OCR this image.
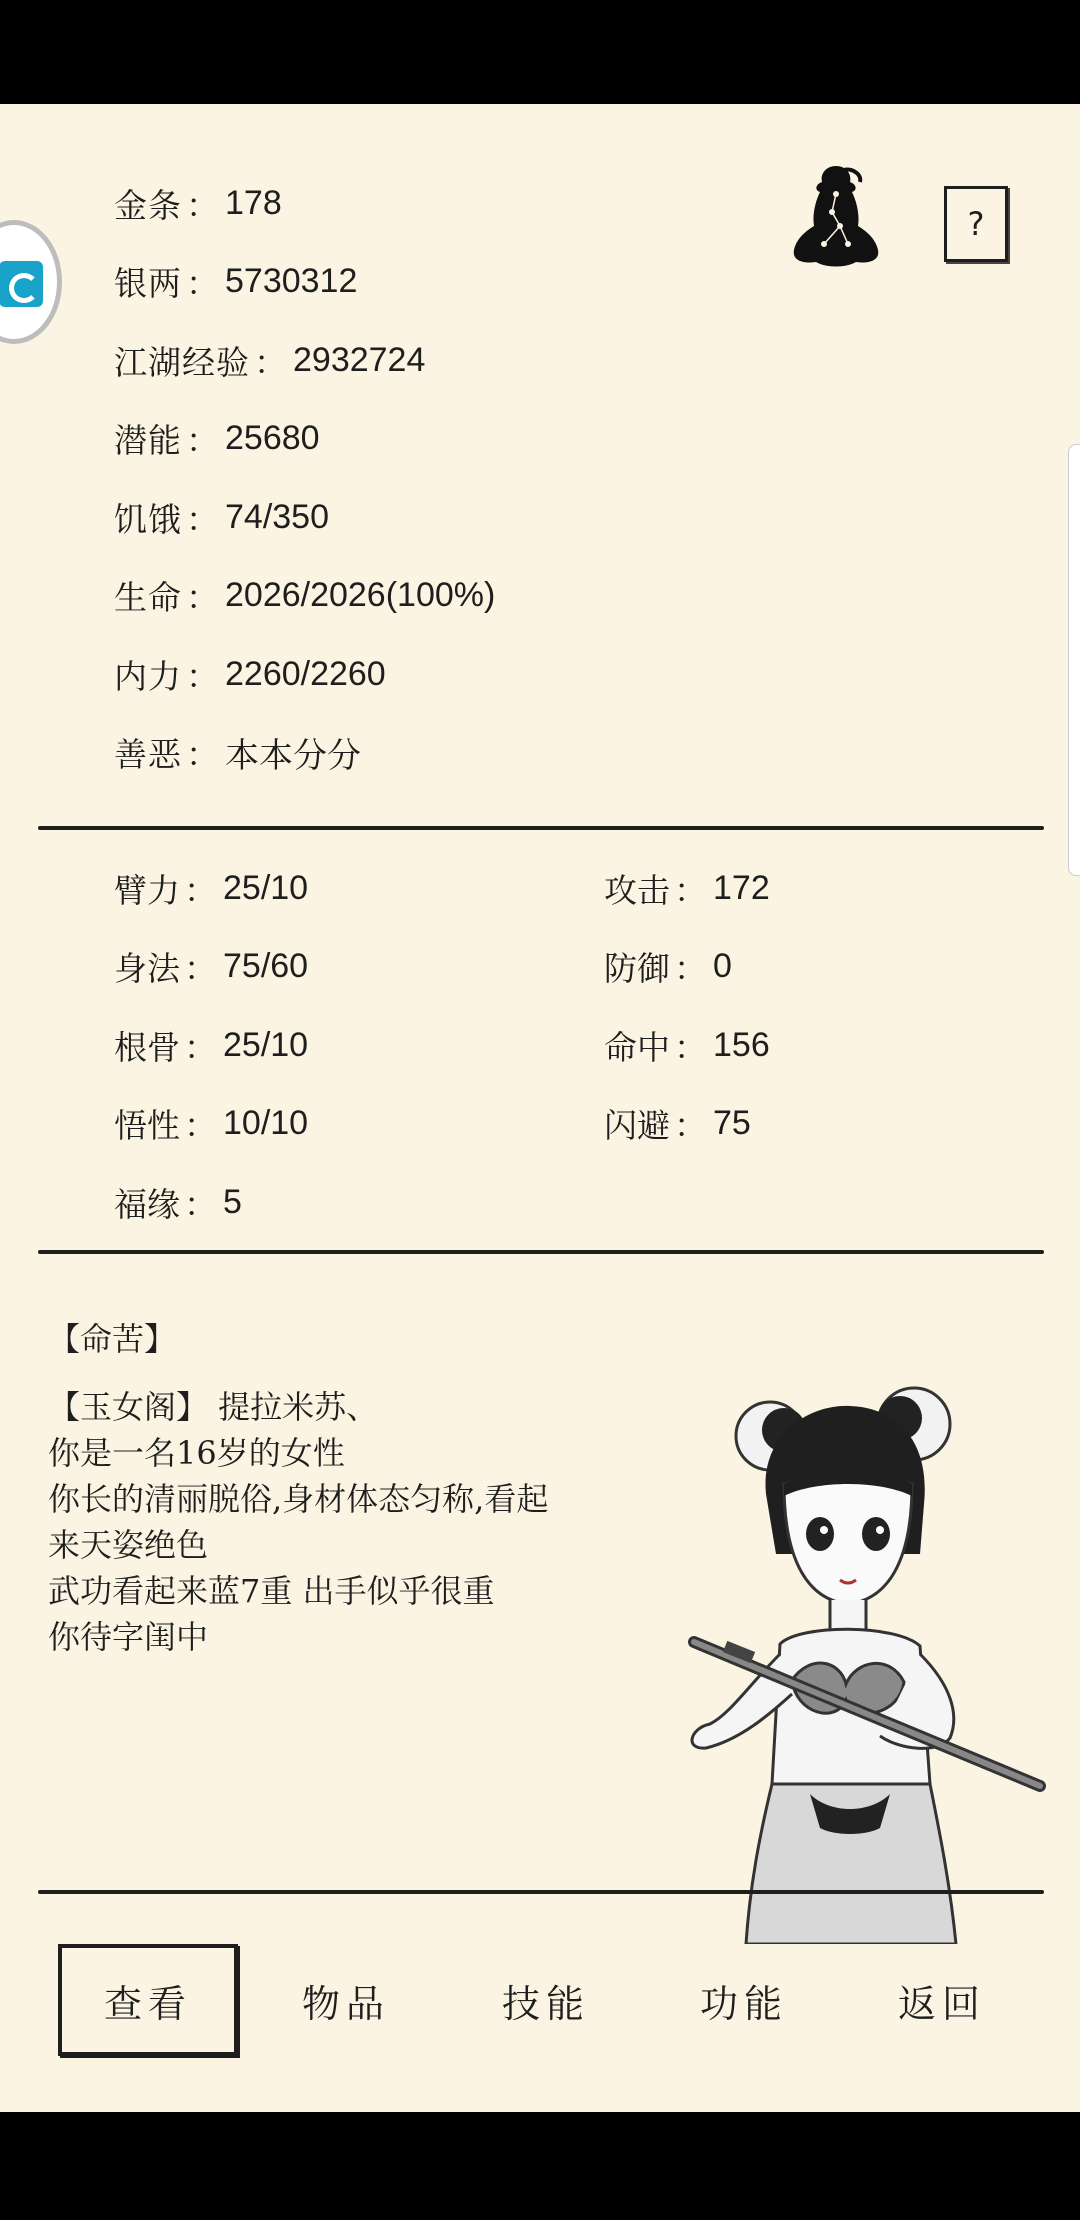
?
金条 ： 178
银两 ： 5730312
江湖经验 ： 2932724
潜能 ： 25680
饥饿 ： 74/350
生命 ： 2026/2026(100%)
内力 ： 2260/2260
善恶 ： 本本分分
臂力 ： 25/10	攻击 ： 172
身法 ： 75/60	防御 ： 0
根骨 ： 25/10	命中 ： 156
悟性 ： 10/10	闪避 ： 75
福缘 ： 5
【命苦】
【玉女阁】 提拉米苏、
你是一名16岁的女性
你长的清丽脱俗,身材体态匀称,看起
来天姿绝色
武功看起来蓝7重 出手似乎很重
你待字闺中
查看	物品	技能	功能	返回
